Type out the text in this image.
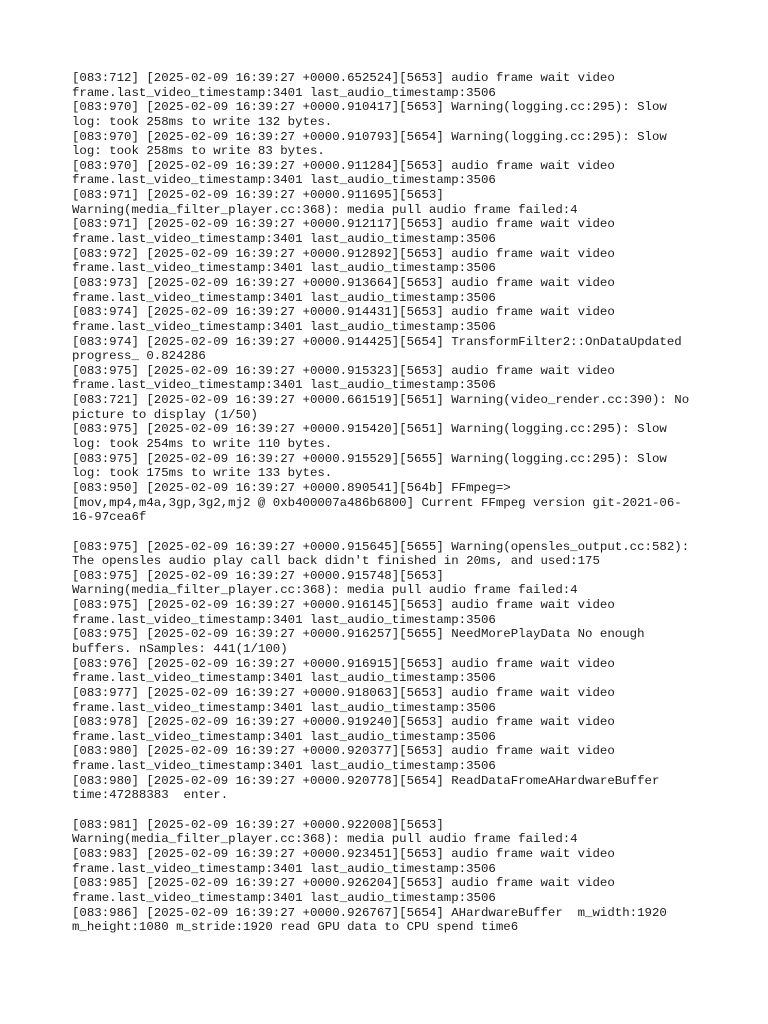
[083:712] [2025-02-09 16:39:27 +0000.652524][5653] audio frame wait video
frame.last_video_timestamp:3401 last_audio_timestamp:3506
[083:970] [2025-02-09 16:39:27 +0000.910417][5653] Warning(logging.cc:295): Slow
log: took 258ms to write 132 bytes.
[083:970] [2025-02-09 16:39:27 +0000.910793][5654] Warning(logging.cc:295): Slow
log: took 258ms to write 83 bytes.
[083:970] [2025-02-09 16:39:27 +0000.911284][5653] audio frame wait video
frame.last_video_timestamp:3401 last_audio_timestamp:3506
[083:971] [2025-02-09 16:39:27 +0000.911695][5653]
Warning(media_filter_player.cc:368): media pull audio frame failed:4
[083:971] [2025-02-09 16:39:27 +0000.912117][5653] audio frame wait video
frame.last_video_timestamp:3401 last_audio_timestamp:3506
[083:972] [2025-02-09 16:39:27 +0000.912892][5653] audio frame wait video
frame.last_video_timestamp:3401 last_audio_timestamp:3506
[083:973] [2025-02-09 16:39:27 +0000.913664][5653] audio frame wait video
frame.last_video_timestamp:3401 last_audio_timestamp:3506
[083:974] [2025-02-09 16:39:27 +0000.914431][5653] audio frame wait video
frame.last_video_timestamp:3401 last_audio_timestamp:3506
[083:974] [2025-02-09 16:39:27 +0000.914425][5654] TransformFilter2::OnDataUpdated
progress_ 0.824286
[083:975] [2025-02-09 16:39:27 +0000.915323][5653] audio frame wait video
frame.last_video_timestamp:3401 last_audio_timestamp:3506
[083:721] [2025-02-09 16:39:27 +0000.661519][5651] Warning(video_render.cc:390): No
picture to display (1/50)
[083:975] [2025-02-09 16:39:27 +0000.915420][5651] Warning(logging.cc:295): Slow
log: took 254ms to write 110 bytes.
[083:975] [2025-02-09 16:39:27 +0000.915529][5655] Warning(logging.cc:295): Slow
log: took 175ms to write 133 bytes.
[083:950] [2025-02-09 16:39:27 +0000.890541][564b] FFmpeg=>
[mov,mp4,m4a,3gp,3g2,mj2 @ 0xb400007a486b6800] Current FFmpeg version git-2021-06-
16-97cea6f
[083:975] [2025-02-09 16:39:27 +0000.915645][5655] Warning(opensles_output.cc:582):
The opensles audio play call back didn't finished in 20ms, and used:175
[083:975] [2025-02-09 16:39:27 +0000.915748][5653]
Warning(media_filter_player.cc:368): media pull audio frame failed:4
[083:975] [2025-02-09 16:39:27 +0000.916145][5653] audio frame wait video
frame.last_video_timestamp:3401 last_audio_timestamp:3506
[083:975] [2025-02-09 16:39:27 +0000.916257][5655] NeedMorePlayData No enough
buffers. nSamples: 441(1/100)
[083:976] [2025-02-09 16:39:27 +0000.916915][5653] audio frame wait video
frame.last_video_timestamp:3401 last_audio_timestamp:3506
[083:977] [2025-02-09 16:39:27 +0000.918063][5653] audio frame wait video
frame.last_video_timestamp:3401 last_audio_timestamp:3506
[083:978] [2025-02-09 16:39:27 +0000.919240][5653] audio frame wait video
frame.last_video_timestamp:3401 last_audio_timestamp:3506
[083:980] [2025-02-09 16:39:27 +0000.920377][5653] audio frame wait video
frame.last_video_timestamp:3401 last_audio_timestamp:3506
[083:980] [2025-02-09 16:39:27 +0000.920778][5654] ReadDataFromeAHardwareBuffer
time:47288383  enter.
[083:981] [2025-02-09 16:39:27 +0000.922008][5653]
Warning(media_filter_player.cc:368): media pull audio frame failed:4
[083:983] [2025-02-09 16:39:27 +0000.923451][5653] audio frame wait video
frame.last_video_timestamp:3401 last_audio_timestamp:3506
[083:985] [2025-02-09 16:39:27 +0000.926204][5653] audio frame wait video
frame.last_video_timestamp:3401 last_audio_timestamp:3506
[083:986] [2025-02-09 16:39:27 +0000.926767][5654] AHardwareBuffer  m_width:1920
m_height:1080 m_stride:1920 read GPU data to CPU spend time6
